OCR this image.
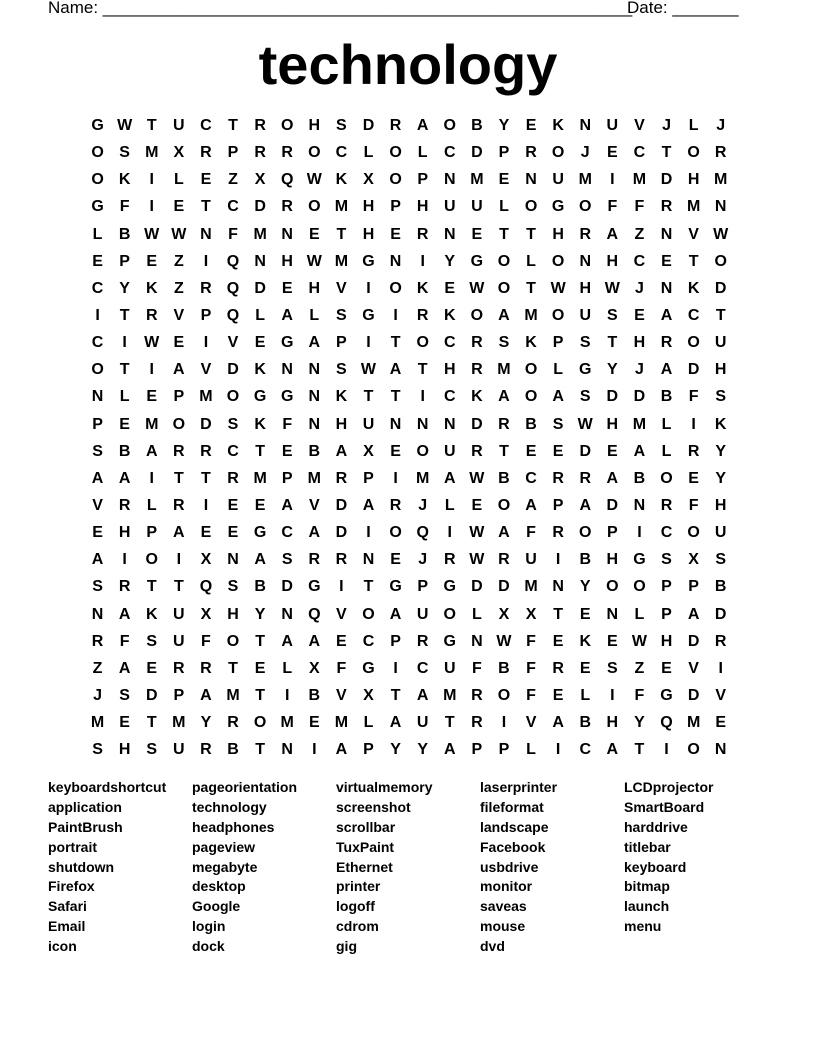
Name: ________________________________________________________
Date: _______
technology
G W T	U C	T	R O H S D R A O B Y	E K N U V	J	L	J
O S M X R P R R O C	L O L	C D P R O	J	E C	T O R
O K	I	L	E	Z	X Q W K X O P N M E N U M	I	M D H M
G F	I	E	T	C D R O M H P H U U	L O G O F	F	R M N
L	B W W N	F M N E	T	H E R N E	T	T	H R A	Z	N V W
E	P	E	Z	I	Q N H W M G N	I	Y G O L O N H C E	T O
C Y K	Z	R Q D E H V	I	O K E W O T W H W J	N K D
I	T	R V	P Q L	A	L	S G	I	R K O A M O U S	E A C	T
C	I	W E	I	V	E G A P	I	T O C R S K P	S	T	H R O U
O T	I	A V D K N N S W A	T	H R M O L G Y	J	A D H
N	L	E	P M O G G N K	T	T	I	C K A O A S D D B	F	S
P	E M O D S K	F	N H U N N N D R B S W H M L	I	K
S B A R R C	T	E B A X	E O U R	T	E	E D E A	L	R Y
A A	I	T	T	R M P M R P	I	M A W B C R R A B O E	Y
V R	L	R	I	E	E A V D A R	J	L	E O A P A D N R	F	H
E H P A E	E G C A D	I	O Q	I	W A	F	R O P	I	C O U
A	I	O	I	X N A S R R N E	J	R W R U	I	B H G S	X	S
S R	T	T Q S B D G	I	T G P G D D M N Y O O P	P B
N A K U X H Y N Q V O A U O L	X	X	T	E N	L	P A D
R	F	S U	F O T	A A E C P R G N W F	E K E W H D R
Z	A E R R	T	E	L	X	F G	I	C U	F	B	F	R E	S	Z	E	V	I
J	S D P A M T	I	B V	X	T	A M R O F	E	L	I	F G D V
M E	T M Y R O M E M L	A U	T	R	I	V A B H Y Q M E
S H S U R B	T	N	I	A P	Y	Y A P	P	L	I	C A	T	I	O N
keyboardshortcut	pageorientation	virtualmemory	laserprinter	LCDprojector
application	technology	screenshot	fileformat	SmartBoard
PaintBrush	headphones	scrollbar	landscape	harddrive
portrait	pageview	TuxPaint	Facebook	titlebar
shutdown	megabyte	Ethernet	usbdrive	keyboard
Firefox	desktop	printer	monitor	bitmap
Safari	Google	logoff	saveas	launch
Email	login	cdrom	mouse	menu
icon	dock	gig	dvd
